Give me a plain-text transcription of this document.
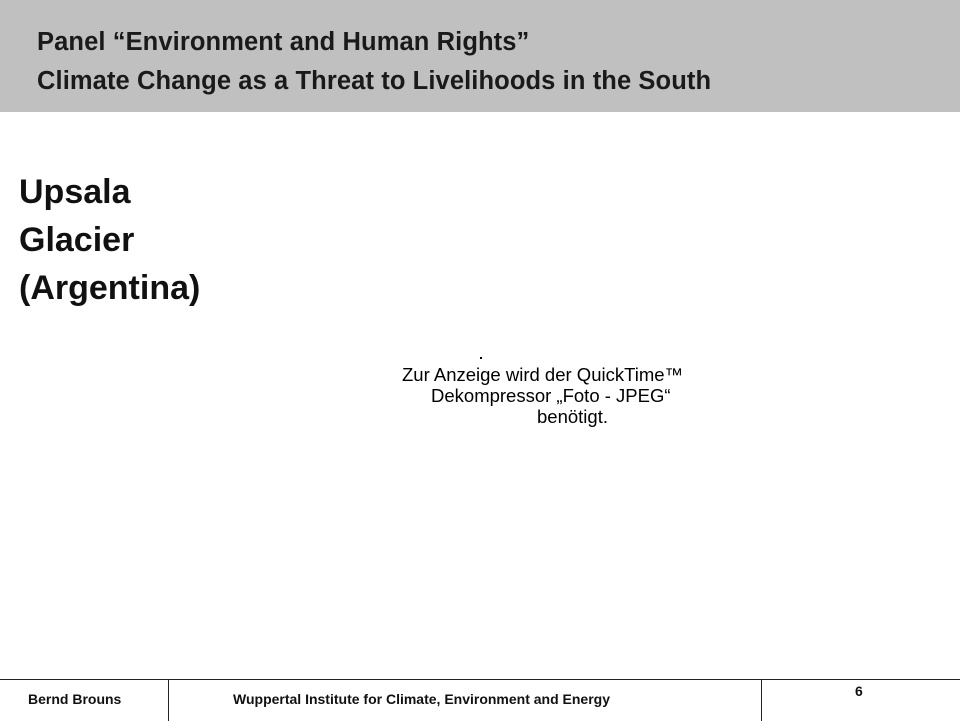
Panel “Environment and Human Rights”
Climate Change as a Threat to Livelihoods in the South
Upsala
Glacier
(Argentina)
Zur Anzeige wird der QuickTime™
Dekompressor „Foto - JPEG“
benötigt.
Bernd Brouns	Wuppertal Institute for Climate, Environment and Energy	6
